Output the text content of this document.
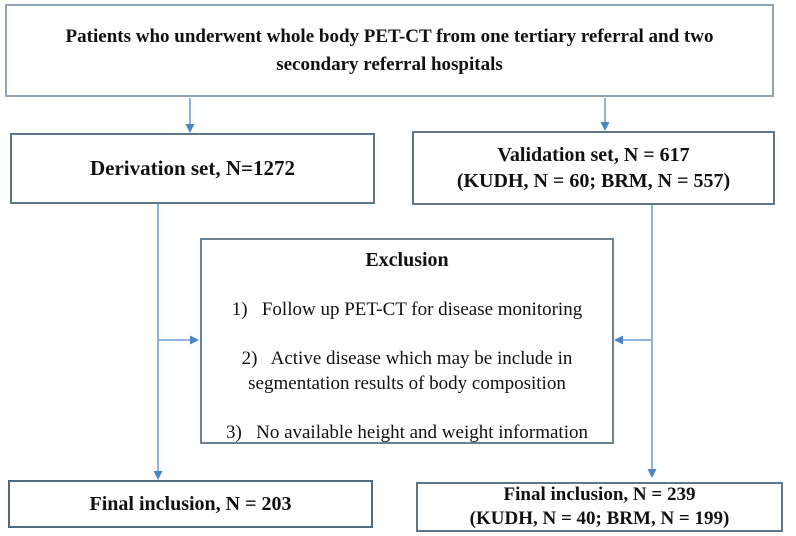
Patients who underwent whole body PET-CT from one tertiary referral and two
secondary referral hospitals
Derivation set, N=1272
Validation set, N = 617
(KUDH, N = 60; BRM, N = 557)
Exclusion
1)   Follow up PET-CT for disease monitoring
2)   Active disease which may be include in segmentation results of body composition
3)   No available height and weight information
Final inclusion, N = 203	Final inclusion, N = 239
(KUDH, N = 40; BRM, N = 199)
